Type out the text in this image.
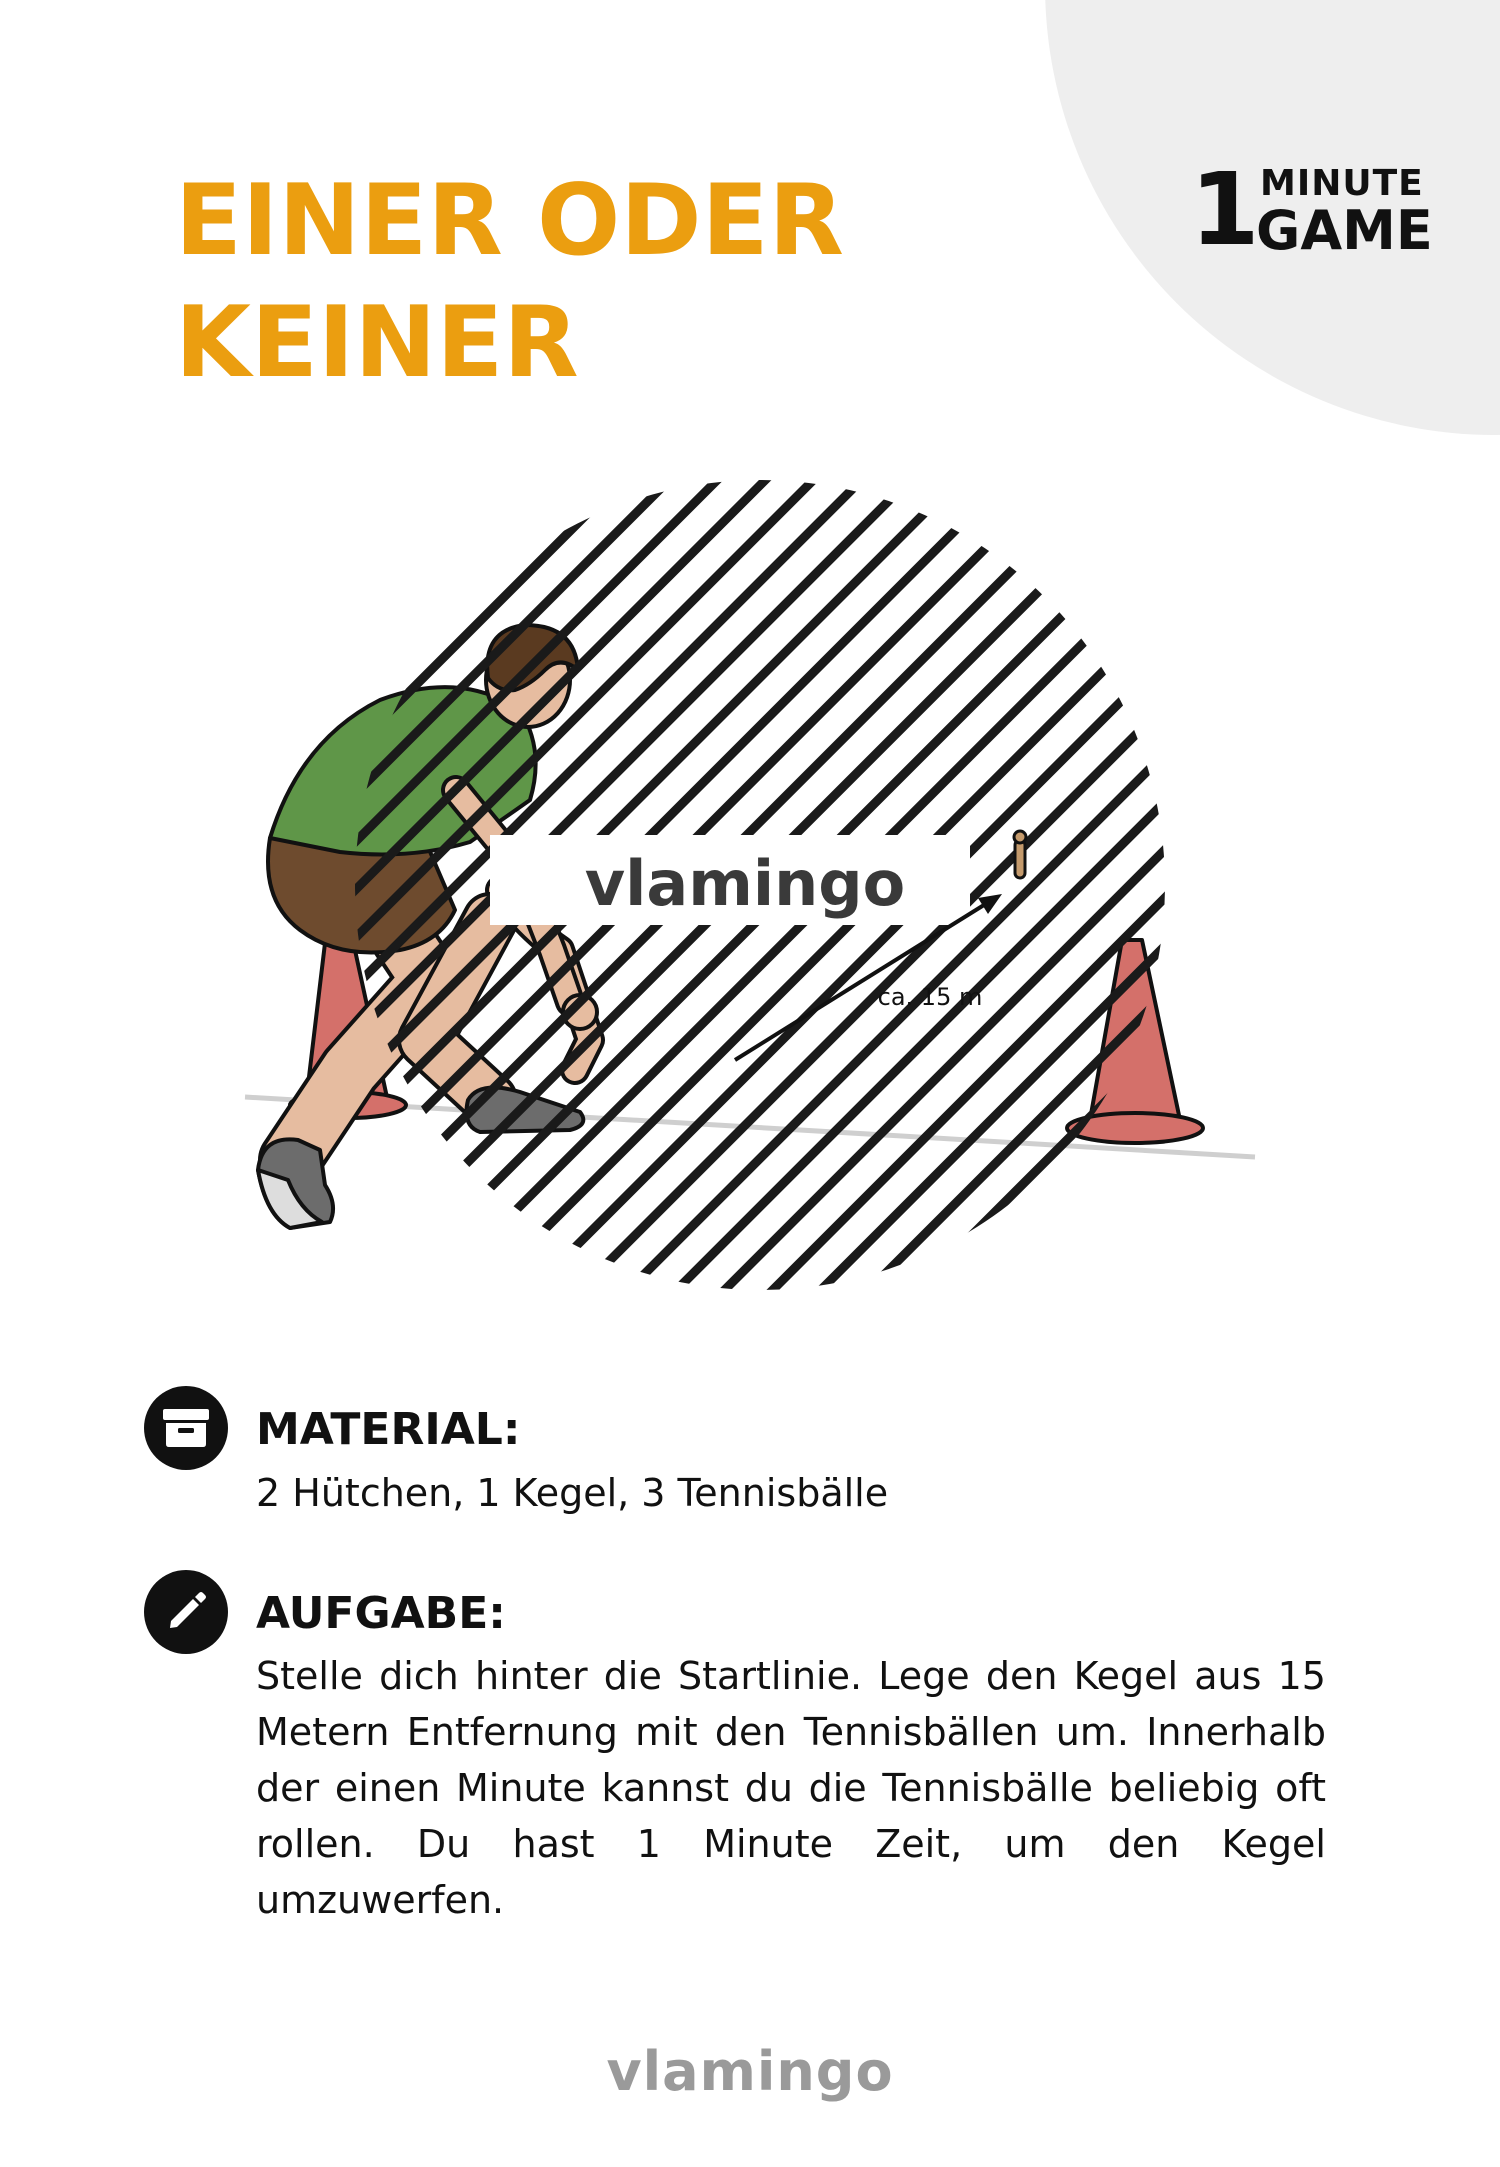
1 MINUTE
GAME
EINER ODER
KEINER
vlamingo
ca. 15 m
MATERIAL:
2 Hütchen, 1 Kegel, 3 Tennisbälle
AUFGABE:
Stelle dich hinter die Startlinie. Lege den Kegel aus 15 Metern Entfernung mit den Tennisbällen um. Innerhalb der einen Minute kannst du die Tennisbälle beliebig oft rollen. Du hast 1 Minute Zeit, um den Kegel umzuwerfen.
vlamingo
